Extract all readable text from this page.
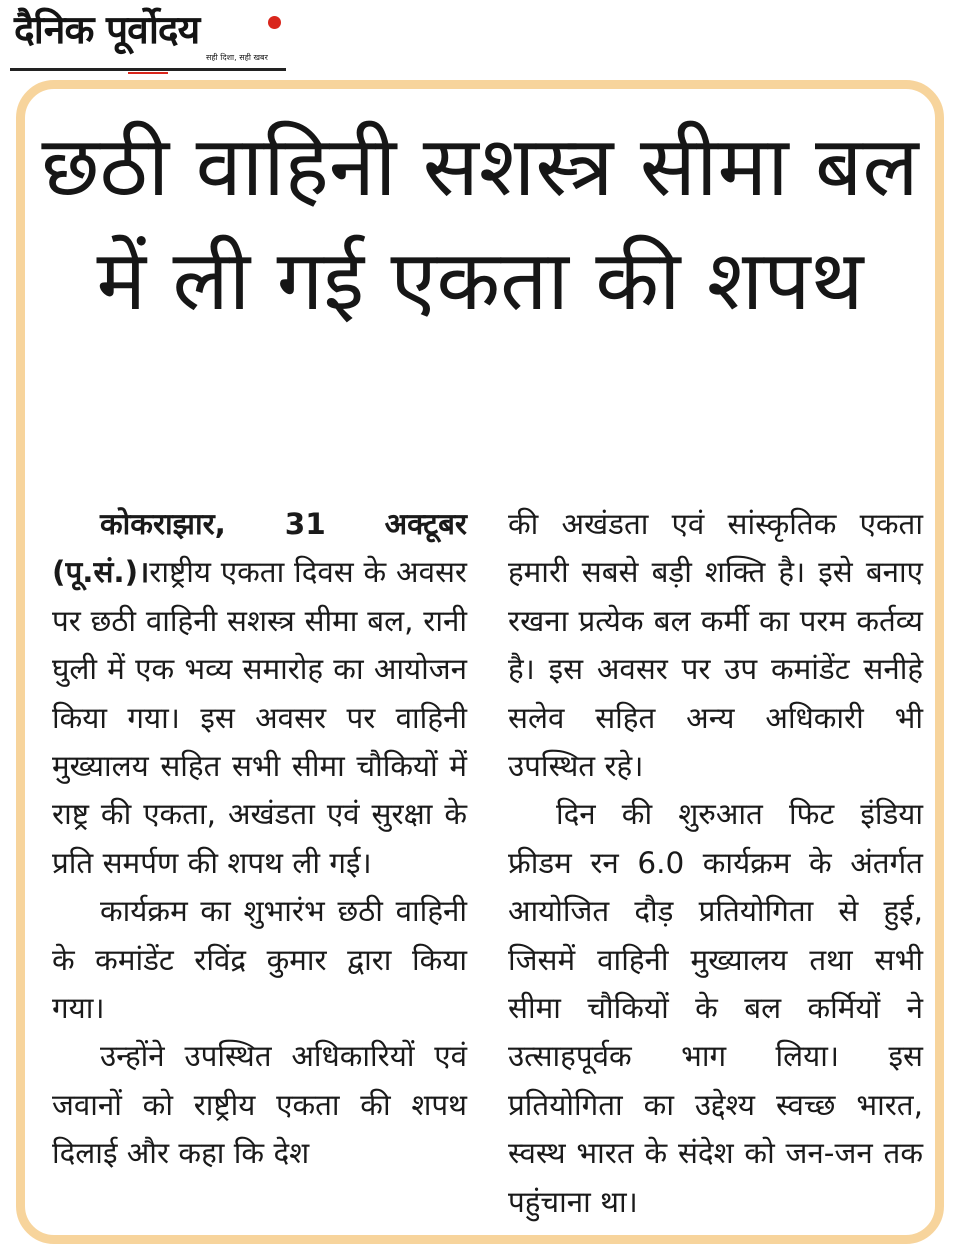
दैनिक पूर्वोदय
सही दिशा, सही खबर
छठी वाहिनी सशस्त्र सीमा बल में ली गई एकता की शपथ

कोकराझार, 31 अक्टूबर (पू.सं.)।राष्ट्रीय एकता दिवस के अवसर पर छठी वाहिनी सशस्त्र सीमा बल, रानी घुली में एक भव्य समारोह का आयोजन किया गया। इस अवसर पर वाहिनी मुख्यालय सहित सभी सीमा चौकियों में राष्ट्र की एकता, अखंडता एवं सुरक्षा के प्रति समर्पण की शपथ ली गई।

कार्यक्रम का शुभारंभ छठी वाहिनी के कमांडेंट रविंद्र कुमार द्वारा किया गया।

उन्होंने उपस्थित अधिकारियों एवं जवानों को राष्ट्रीय एकता की शपथ दिलाई और कहा कि देश

की अखंडता एवं सांस्कृतिक एकता हमारी सबसे बड़ी शक्ति है। इसे बनाए रखना प्रत्येक बल कर्मी का परम कर्तव्य है। इस अवसर पर उप कमांडेंट सनीहे सलेव सहित अन्य अधिकारी भी उपस्थित रहे।

दिन की शुरुआत फिट इंडिया फ्रीडम रन 6.0 कार्यक्रम के अंतर्गत आयोजित दौड़ प्रतियोगिता से हुई, जिसमें वाहिनी मुख्यालय तथा सभी सीमा चौकियों के बल कर्मियों ने उत्साहपूर्वक भाग लिया। इस प्रतियोगिता का उद्देश्य स्वच्छ भारत, स्वस्थ भारत के संदेश को जन-जन तक पहुंचाना था।
